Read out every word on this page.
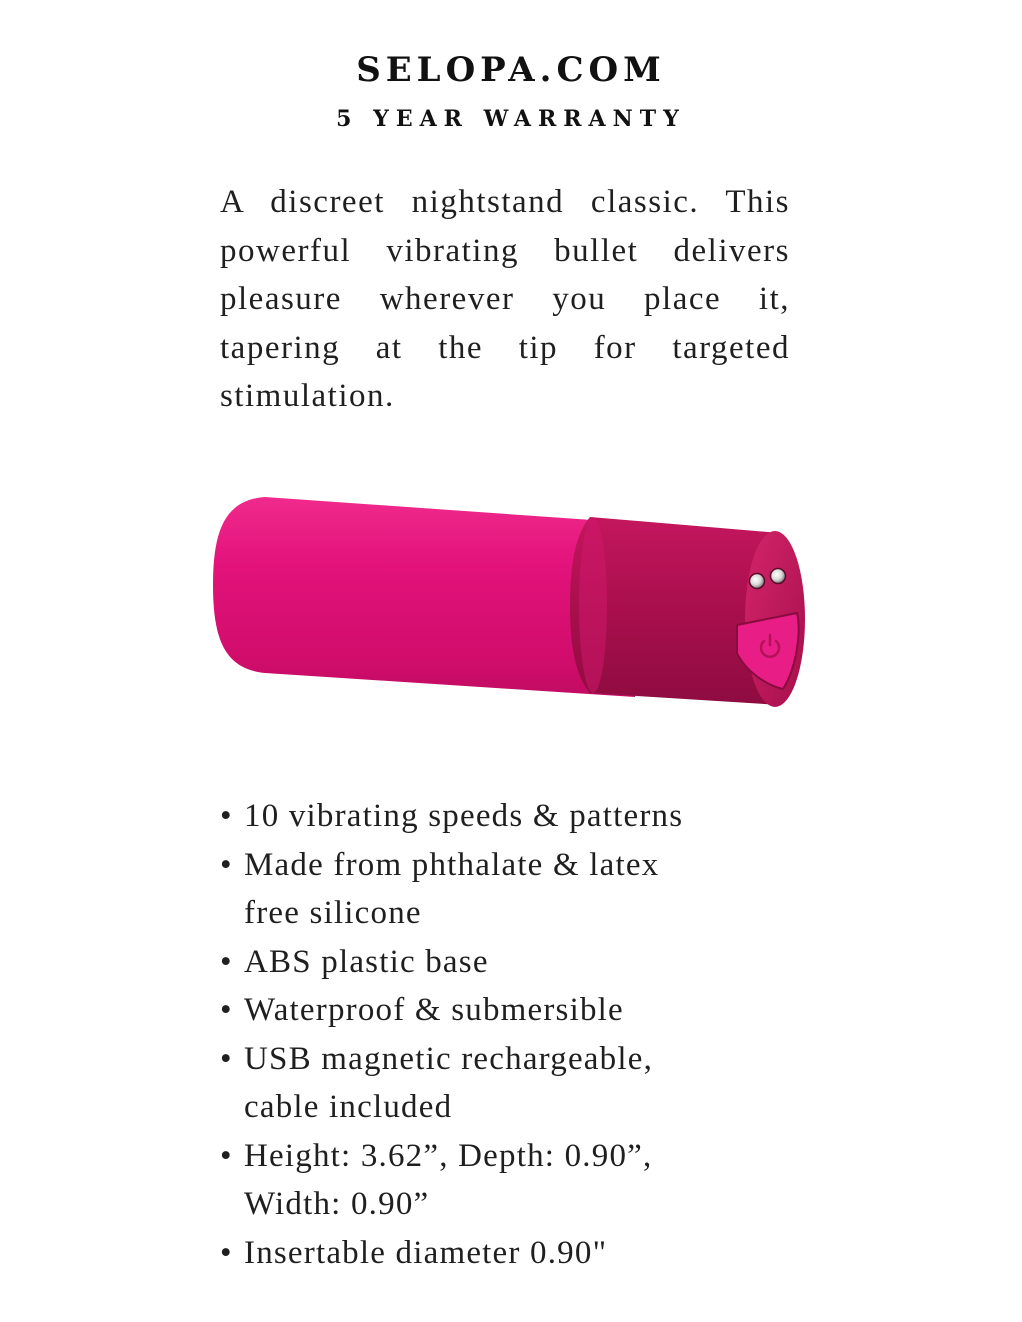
SELOPA.COM
5 YEAR WARRANTY

A discreet nightstand classic. This powerful vibrating bullet delivers pleasure wherever you place it, tapering at the tip for targeted stimulation.

• 10 vibrating speeds & patterns
• Made from phthalate & latex
free silicone
• ABS plastic base
• Waterproof & submersible
• USB magnetic rechargeable,
cable included
• Height: 3.62”, Depth: 0.90”,
Width: 0.90”
• Insertable diameter 0.90"
